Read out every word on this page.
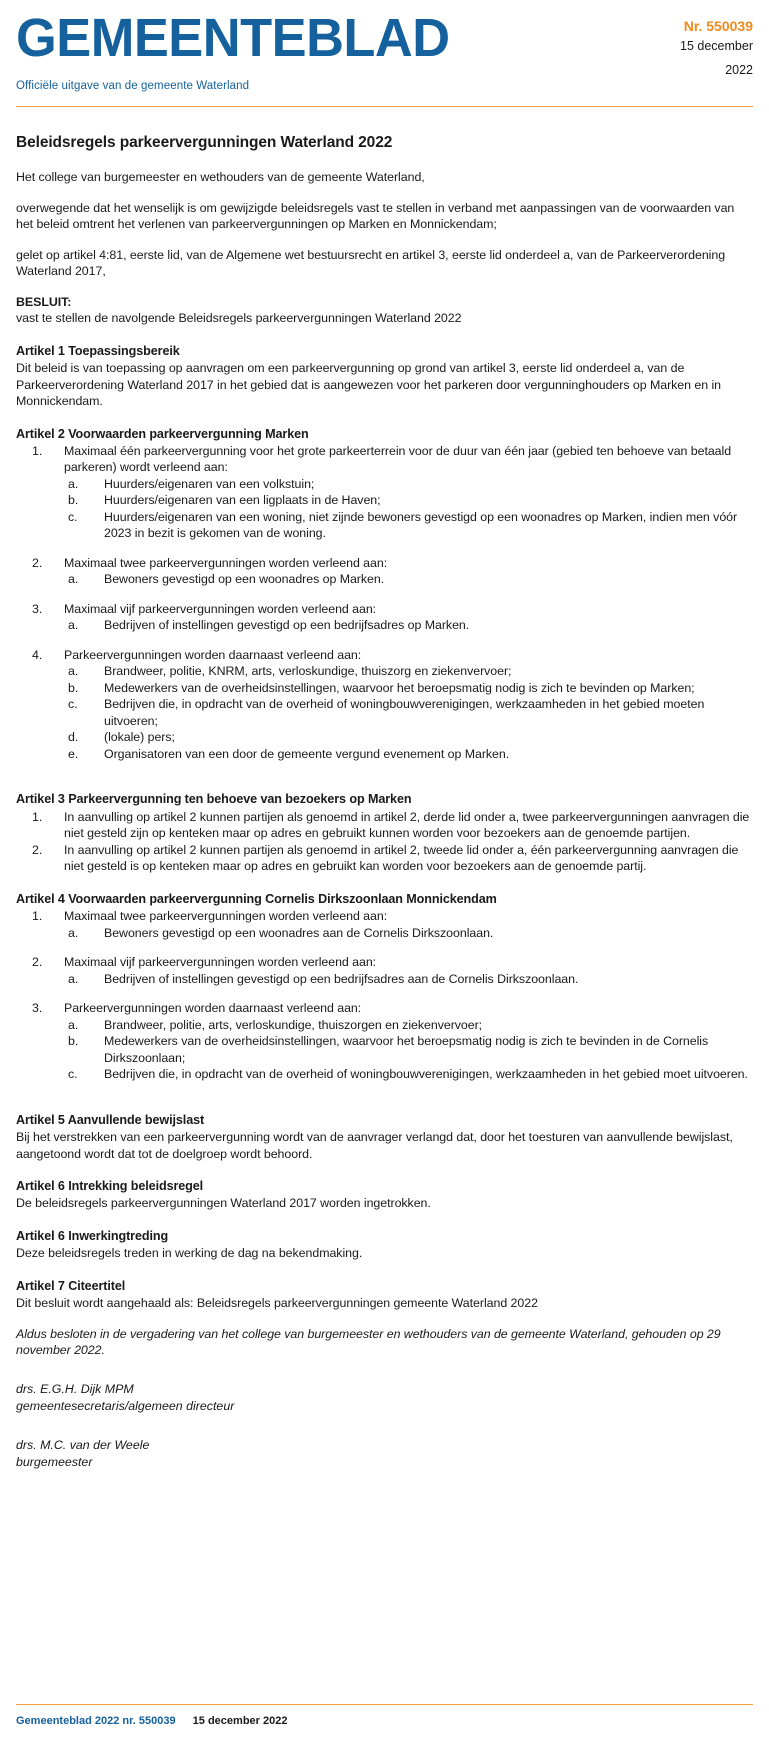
GEMEENTEBLAD
Officiële uitgave van de gemeente Waterland
Nr. 550039
15 december
2022
Beleidsregels parkeervergunningen Waterland 2022

Het college van burgemeester en wethouders van de gemeente Waterland,

overwegende dat het wenselijk is om gewijzigde beleidsregels vast te stellen in verband met aanpassingen van de voorwaarden van het beleid omtrent het verlenen van parkeervergunningen op Marken en Monnickendam;

gelet op artikel 4:81, eerste lid, van de Algemene wet bestuursrecht en artikel 3, eerste lid onderdeel a, van de Parkeerverordening Waterland 2017,

BESLUIT:

vast te stellen de navolgende Beleidsregels parkeervergunningen Waterland 2022

Artikel 1 Toepassingsbereik

Dit beleid is van toepassing op aanvragen om een parkeervergunning op grond van artikel 3, eerste lid onderdeel a, van de Parkeerverordening Waterland 2017 in het gebied dat is aangewezen voor het parkeren door vergunninghouders op Marken en in Monnickendam.

Artikel 2 Voorwaarden parkeervergunning Marken
1.	Maximaal één parkeervergunning voor het grote parkeerterrein voor de duur van één jaar (gebied ten behoeve van betaald parkeren) wordt verleend aan:
a.	Huurders/eigenaren van een volkstuin;
b.	Huurders/eigenaren van een ligplaats in de Haven;
c.	Huurders/eigenaren van een woning, niet zijnde bewoners gevestigd op een woonadres op Marken, indien men vóór 2023 in bezit is gekomen van de woning.
2.	Maximaal twee parkeervergunningen worden verleend aan:
a.	Bewoners gevestigd op een woonadres op Marken.
3.	Maximaal vijf parkeervergunningen worden verleend aan:
a.	Bedrijven of instellingen gevestigd op een bedrijfsadres op Marken.
4.	Parkeervergunningen worden daarnaast verleend aan:
a.	Brandweer, politie, KNRM, arts, verloskundige, thuiszorg en ziekenvervoer;
b.	Medewerkers van de overheidsinstellingen, waarvoor het beroepsmatig nodig is zich te bevinden op Marken;
c.	Bedrijven die, in opdracht van de overheid of woningbouwverenigingen, werkzaamheden in het gebied moeten uitvoeren;
d.	(lokale) pers;
e.	Organisatoren van een door de gemeente vergund evenement op Marken.
Artikel 3 Parkeervergunning ten behoeve van bezoekers op Marken
1.	In aanvulling op artikel 2 kunnen partijen als genoemd in artikel 2, derde lid onder a, twee parkeervergunningen aanvragen die niet gesteld zijn op kenteken maar op adres en gebruikt kunnen worden voor bezoekers aan de genoemde partijen.
2.	In aanvulling op artikel 2 kunnen partijen als genoemd in artikel 2, tweede lid onder a, één parkeervergunning aanvragen die niet gesteld is op kenteken maar op adres en gebruikt kan worden voor bezoekers aan de genoemde partij.
Artikel 4 Voorwaarden parkeervergunning Cornelis Dirkszoonlaan Monnickendam
1.	Maximaal twee parkeervergunningen worden verleend aan:
a.	Bewoners gevestigd op een woonadres aan de Cornelis Dirkszoonlaan.
2.	Maximaal vijf parkeervergunningen worden verleend aan:
a.	Bedrijven of instellingen gevestigd op een bedrijfsadres aan de Cornelis Dirkszoonlaan.
3.	Parkeervergunningen worden daarnaast verleend aan:
a.	Brandweer, politie, arts, verloskundige, thuiszorgen en ziekenvervoer;
b.	Medewerkers van de overheidsinstellingen, waarvoor het beroepsmatig nodig is zich te bevinden in de Cornelis Dirkszoonlaan;
c.	Bedrijven die, in opdracht van de overheid of woningbouwverenigingen, werkzaamheden in het gebied moet uitvoeren.
Artikel 5 Aanvullende bewijslast

Bij het verstrekken van een parkeervergunning wordt van de aanvrager verlangd dat, door het toesturen van aanvullende bewijslast, aangetoond wordt dat tot de doelgroep wordt behoord.

Artikel 6 Intrekking beleidsregel

De beleidsregels parkeervergunningen Waterland 2017 worden ingetrokken.

Artikel 6 Inwerkingtreding

Deze beleidsregels treden in werking de dag na bekendmaking.

Artikel 7 Citeertitel

Dit besluit wordt aangehaald als: Beleidsregels parkeervergunningen gemeente Waterland 2022

Aldus besloten in de vergadering van het college van burgemeester en wethouders van de gemeente Waterland, gehouden op 29 november 2022.

drs. E.G.H. Dijk MPM
gemeentesecretaris/algemeen directeur
drs. M.C. van der Weele
burgemeester
Gemeenteblad 2022 nr. 550039 15 december 2022
